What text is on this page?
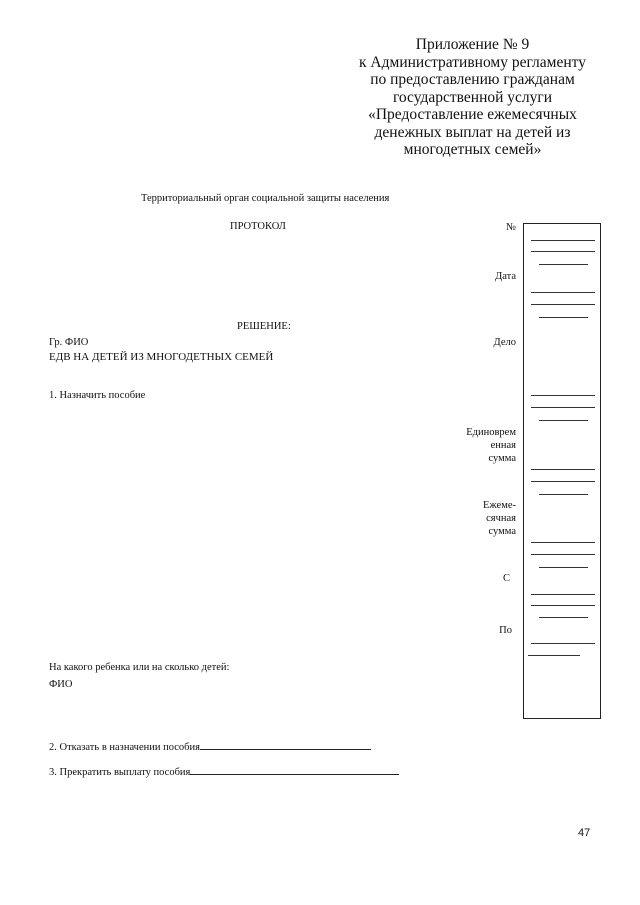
Приложение № 9
к Административному регламенту
по предоставлению гражданам
государственной услуги
«Предоставление ежемесячных
денежных выплат на детей из
многодетных семей»
Территориальный орган социальной защиты населения
ПРОТОКОЛ
РЕШЕНИЕ:
Гр. ФИО
ЕДВ НА ДЕТЕЙ ИЗ МНОГОДЕТНЫХ СЕМЕЙ
1. Назначить пособие
На какого ребенка или на сколько детей:
ФИО
2. Отказать в назначении пособия
3. Прекратить выплату пособия
№
Дата
Дело
Единоврем
енная
сумма
Ежеме-
сячная
сумма
С
По
47
